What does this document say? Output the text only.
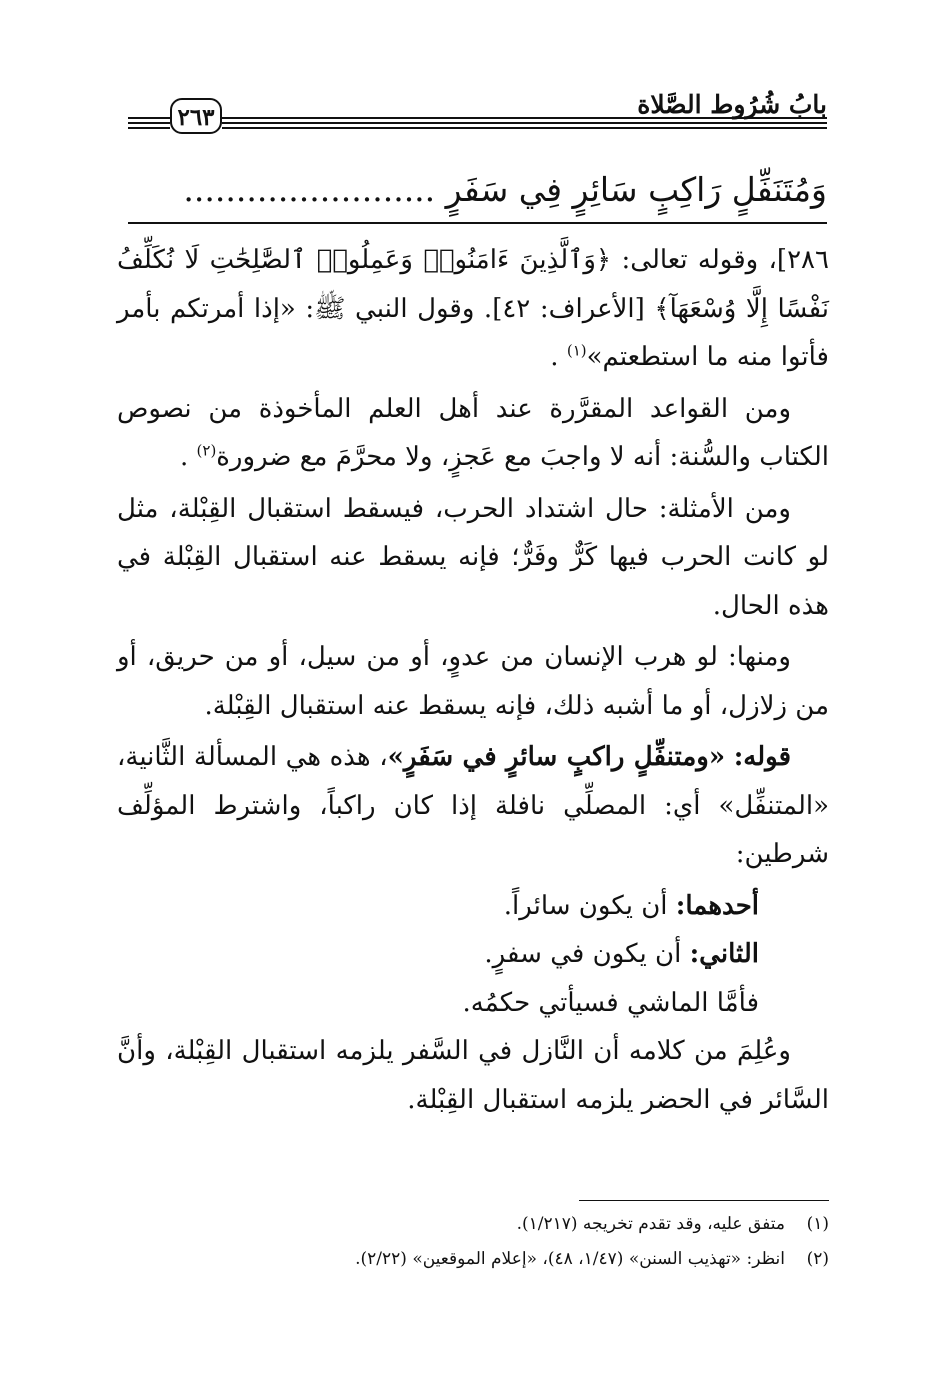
بابُ شُرُوط الصَّلاة
٢٦٣
وَمُتَنَفِّلٍ رَاكِبٍ سَائِرٍ فِي سَفَرٍ ........................

٢٨٦]، وقوله تعالى: ﴿وَٱلَّذِينَ ءَامَنُوا۟ وَعَمِلُوا۟ ٱلصَّٰلِحَٰتِ لَا نُكَلِّفُ نَفْسًا إِلَّا وُسْعَهَآ﴾ [الأعراف: ٤٢]. وقول النبي ﷺ: «إذا أمرتكم بأمر فأتوا منه ما استطعتم»$^{(١)}$ .

ومن القواعد المقرَّرة عند أهل العلم المأخوذة من نصوص الكتاب والسُّنة: أنه لا واجبَ مع عَجزٍ، ولا محرَّمَ مع ضرورة$^{(٢)}$ .

ومن الأمثلة: حال اشتداد الحرب، فيسقط استقبال القِبْلة، مثل لو كانت الحرب فيها كَرٌّ وفَرٌّ؛ فإنه يسقط عنه استقبال القِبْلة في هذه الحال.

ومنها: لو هرب الإنسان من عدوٍ، أو من سيل، أو من حريق، أو من زلازل، أو ما أشبه ذلك، فإنه يسقط عنه استقبال القِبْلة.

قوله: «ومتنفِّلٍ راكبٍ سائرٍ في سَفَرٍ»، هذه هي المسألة الثَّانية، «المتنفِّل» أي: المصلِّي نافلة إذا كان راكباً، واشترط المؤلِّف شرطين:

أحدهما: أن يكون سائراً.

الثاني: أن يكون في سفرٍ.

فأمَّا الماشي فسيأتي حكمُه.

وعُلِمَ من كلامه أن النَّازل في السَّفر يلزمه استقبال القِبْلة، وأنَّ السَّائر في الحضر يلزمه استقبال القِبْلة.

(١)متفق عليه، وقد تقدم تخريجه (١/٢١٧).
(٢)انظر: «تهذيب السنن» (١/٤٧، ٤٨)، «إعلام الموقعين» (٢/٢٢).
